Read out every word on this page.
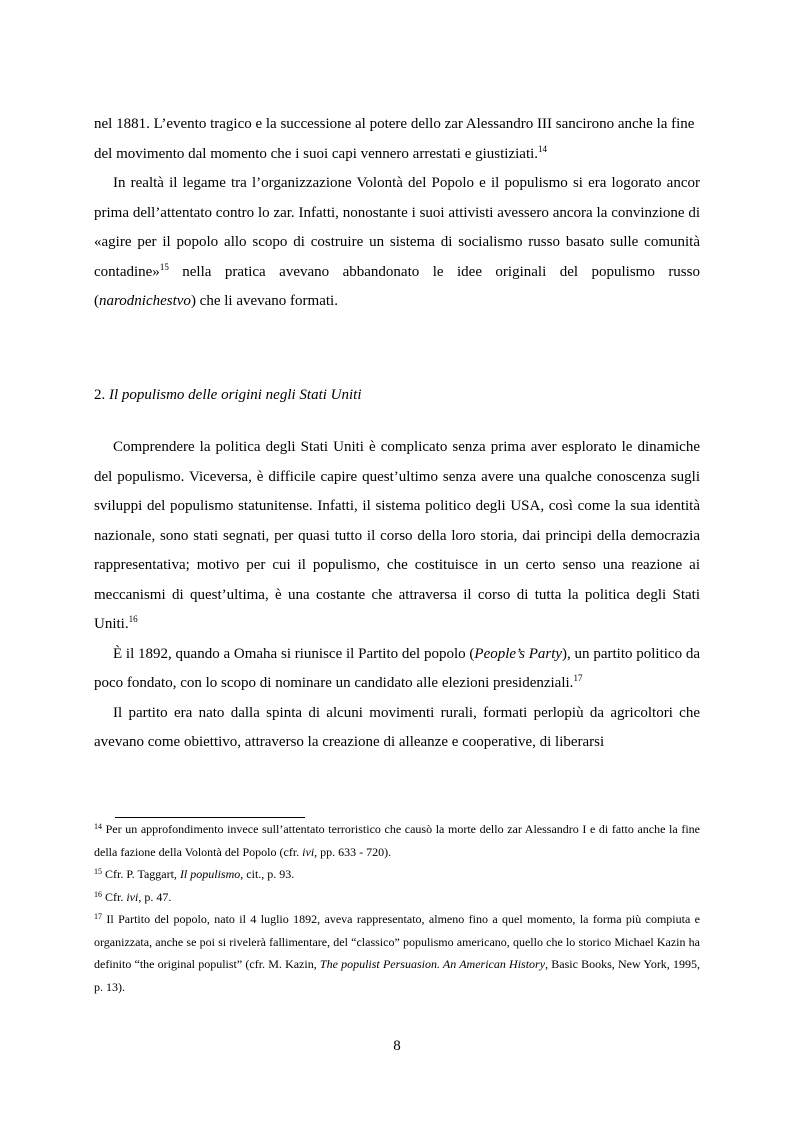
nel 1881. L’evento tragico e la successione al potere dello zar Alessandro III sancirono anche la fine del movimento dal momento che i suoi capi vennero arrestati e giustiziati.$^{14}$

In realtà il legame tra l’organizzazione Volontà del Popolo e il populismo si era logorato ancor prima dell’attentato contro lo zar. Infatti, nonostante i suoi attivisti avessero ancora la convinzione di «agire per il popolo allo scopo di costruire un sistema di socialismo russo basato sulle comunità contadine»$^{15}$ nella pratica avevano abbandonato le idee originali del populismo russo (narodnichestvo) che li avevano formati.

2. Il populismo delle origini negli Stati Uniti

Comprendere la politica degli Stati Uniti è complicato senza prima aver esplorato le dinamiche del populismo. Viceversa, è difficile capire quest’ultimo senza avere una qualche conoscenza sugli sviluppi del populismo statunitense. Infatti, il sistema politico degli USA, così come la sua identità nazionale, sono stati segnati, per quasi tutto il corso della loro storia, dai principi della democrazia rappresentativa; motivo per cui il populismo, che costituisce in un certo senso una reazione ai meccanismi di quest’ultima, è una costante che attraversa il corso di tutta la politica degli Stati Uniti.$^{16}$

È il 1892, quando a Omaha si riunisce il Partito del popolo (People’s Party), un partito politico da poco fondato, con lo scopo di nominare un candidato alle elezioni presidenziali.$^{17}$

Il partito era nato dalla spinta di alcuni movimenti rurali, formati perlopiù da agricoltori che avevano come obiettivo, attraverso la creazione di alleanze e cooperative, di liberarsi

$^{14}$ Per un approfondimento invece sull’attentato terroristico che causò la morte dello zar Alessandro I e di fatto anche la fine della fazione della Volontà del Popolo (cfr. ivi, pp. 633 - 720).

$^{15}$ Cfr. P. Taggart, Il populismo, cit., p. 93.

$^{16}$ Cfr. ivi, p. 47.

$^{17}$ Il Partito del popolo, nato il 4 luglio 1892, aveva rappresentato, almeno fino a quel momento, la forma più compiuta e organizzata, anche se poi si rivelerà fallimentare, del “classico” populismo americano, quello che lo storico Michael Kazin ha definito “the original populist” (cfr. M. Kazin, The populist Persuasion. An American History, Basic Books, New York, 1995, p. 13).

8
